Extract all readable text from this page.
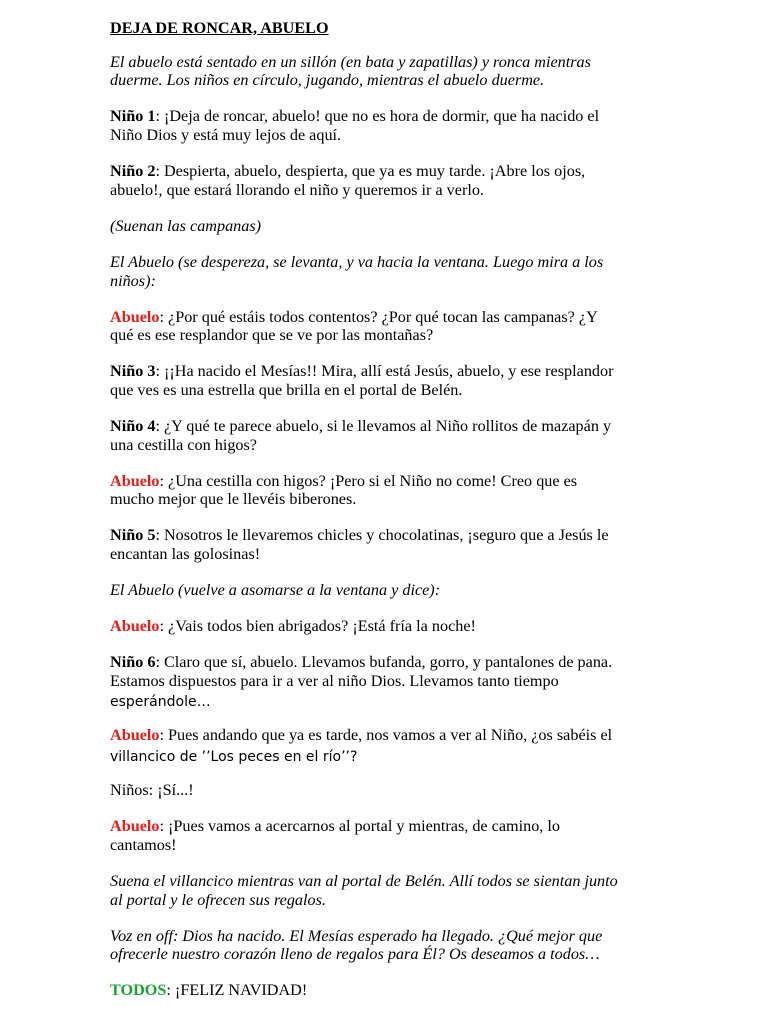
DEJA DE RONCAR, ABUELO
El abuelo está sentado en un sillón (en bata y zapatillas) y ronca mientras
duerme. Los niños en círculo, jugando, mientras el abuelo duerme.
Niño 1: ¡Deja de roncar, abuelo! que no es hora de dormir, que ha nacido el
Niño Dios y está muy lejos de aquí.
Niño 2: Despierta, abuelo, despierta, que ya es muy tarde. ¡Abre los ojos,
abuelo!, que estará llorando el niño y queremos ir a verlo.
(Suenan las campanas)
El Abuelo (se despereza, se levanta, y va hacia la ventana. Luego mira a los
niños):
Abuelo: ¿Por qué estáis todos contentos? ¿Por qué tocan las campanas? ¿Y
qué es ese resplandor que se ve por las montañas?
Niño 3: ¡¡Ha nacido el Mesías!! Mira, allí está Jesús, abuelo, y ese resplandor
que ves es una estrella que brilla en el portal de Belén.
Niño 4: ¿Y qué te parece abuelo, si le llevamos al Niño rollitos de mazapán y
una cestilla con higos?
Abuelo: ¿Una cestilla con higos? ¡Pero si el Niño no come! Creo que es
mucho mejor que le llevéis biberones.
Niño 5: Nosotros le llevaremos chicles y chocolatinas, ¡seguro que a Jesús le
encantan las golosinas!
El Abuelo (vuelve a asomarse a la ventana y dice):
Abuelo: ¿Vais todos bien abrigados? ¡Está fría la noche!
Niño 6: Claro que sí, abuelo. Llevamos bufanda, gorro, y pantalones de pana.
Estamos dispuestos para ir a ver al niño Dios. Llevamos tanto tiempo
esperándole…
Abuelo: Pues andando que ya es tarde, nos vamos a ver al Niño, ¿os sabéis el
villancico de ’’Los peces en el río’’?
Niños: ¡Sí...!
Abuelo: ¡Pues vamos a acercarnos al portal y mientras, de camino, lo
cantamos!
Suena el villancico mientras van al portal de Belén. Allí todos se sientan junto
al portal y le ofrecen sus regalos.
Voz en off: Dios ha nacido. El Mesías esperado ha llegado. ¿Qué mejor que
ofrecerle nuestro corazón lleno de regalos para Él? Os deseamos a todos…
TODOS: ¡FELIZ NAVIDAD!
